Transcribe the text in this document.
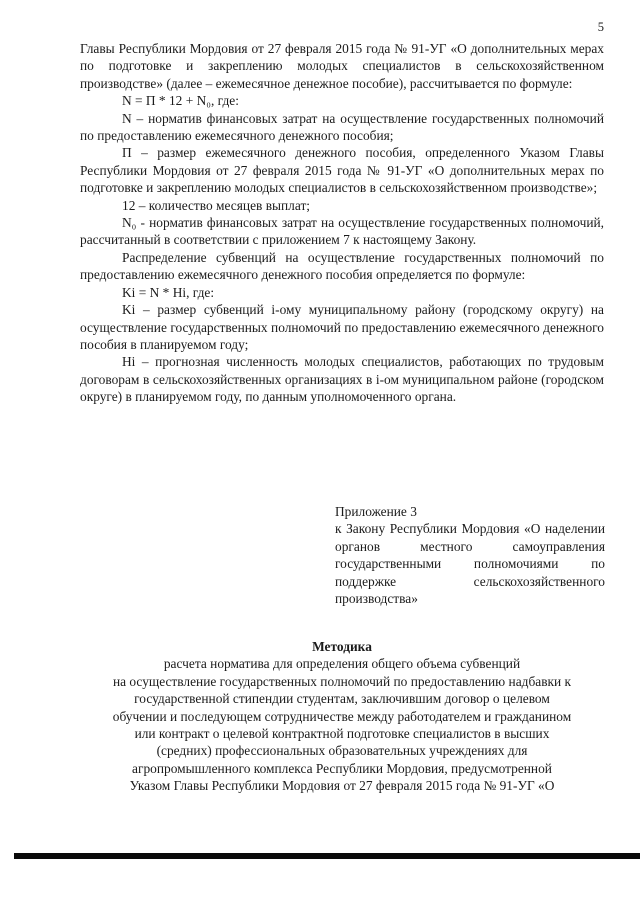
5

Главы Республики Мордовия от 27 февраля 2015 года № 91-УГ «О дополнительных мерах по подготовке и закреплению молодых специалистов в сельскохозяйственном производстве» (далее – ежемесячное денежное пособие), рассчитывается по формуле:

N = П * 12 + N₀, где:

N – норматив финансовых затрат на осуществление государственных полномочий по предоставлению ежемесячного денежного пособия;

П – размер ежемесячного денежного пособия, определенного Указом Главы Республики Мордовия от 27 февраля 2015 года № 91-УГ «О дополнительных мерах по подготовке и закреплению молодых специалистов в сельскохозяйственном производстве»;

12 – количество месяцев выплат;

N₀ - норматив финансовых затрат на осуществление государственных полномочий, рассчитанный в соответствии с приложением 7 к настоящему Закону.

Распределение субвенций на осуществление государственных полномочий по предоставлению ежемесячного денежного пособия определяется по формуле:

Ki = N * Hi, где:

Ki – размер субвенций i-ому муниципальному району (городскому округу) на осуществление государственных полномочий по предоставлению ежемесячного денежного пособия в планируемом году;

Hi – прогнозная численность молодых специалистов, работающих по трудовым договорам в сельскохозяйственных организациях в i-ом муниципальном районе (городском округе) в планируемом году, по данным уполномоченного органа.

Приложение 3

к Закону Республики Мордовия «О наделении органов местного самоуправления государственными полномочиями по поддержке сельскохозяйственного производства»

Методика
расчета норматива для определения общего объема субвенций
на осуществление государственных полномочий по предоставлению надбавки к
государственной стипендии студентам, заключившим договор о целевом
обучении и последующем сотрудничестве между работодателем и гражданином
или контракт о целевой контрактной подготовке специалистов в высших
(средних) профессиональных образовательных учреждениях для
агропромышленного комплекса Республики Мордовия, предусмотренной
Указом Главы Республики Мордовия от 27 февраля 2015 года № 91-УГ «О
